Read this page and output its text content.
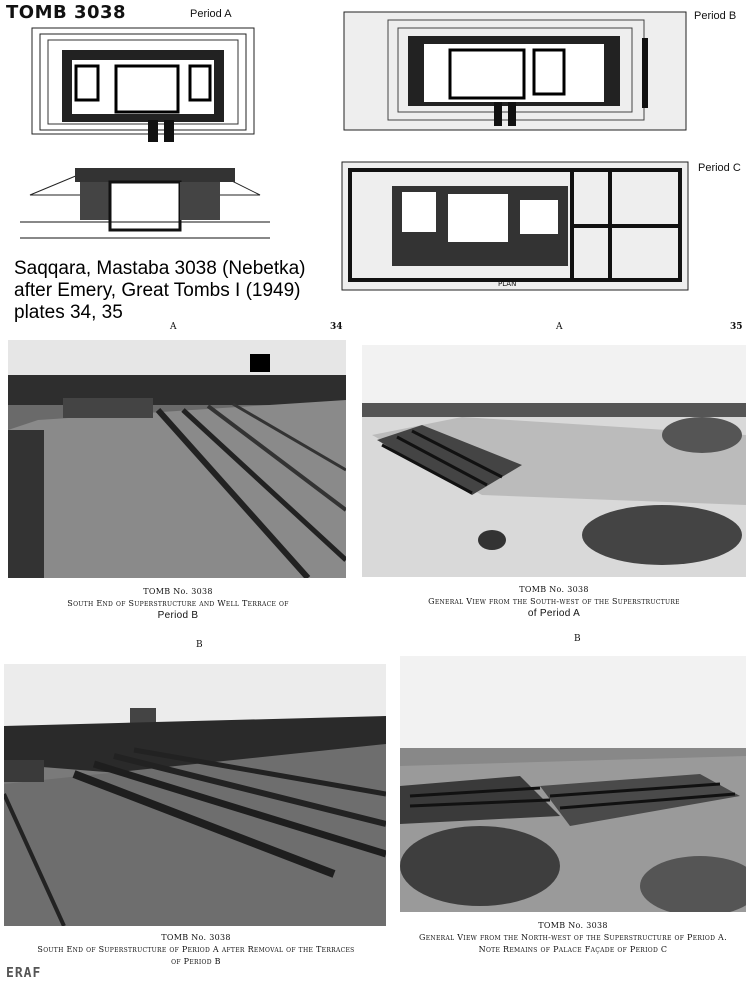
TOMB 3038	Period A	Period B
Period C
PLAN
Saqqara, Mastaba 3038 (Nebetka)
after Emery, Great Tombs I (1949)
plates 34, 35
A	34	A	35
TOMB No. 3038
South End of Superstructure and Well Terrace of
Period B
TOMB No. 3038
General View from the South-west of the Superstructure
of Period A
B
B
TOMB No. 3038
South End of Superstructure of Period A after Removal of the Terraces
of Period B
TOMB No. 3038
General View from the North-west of the Superstructure of Period A.
Note Remains of Palace Façade of Period C
ERAF
